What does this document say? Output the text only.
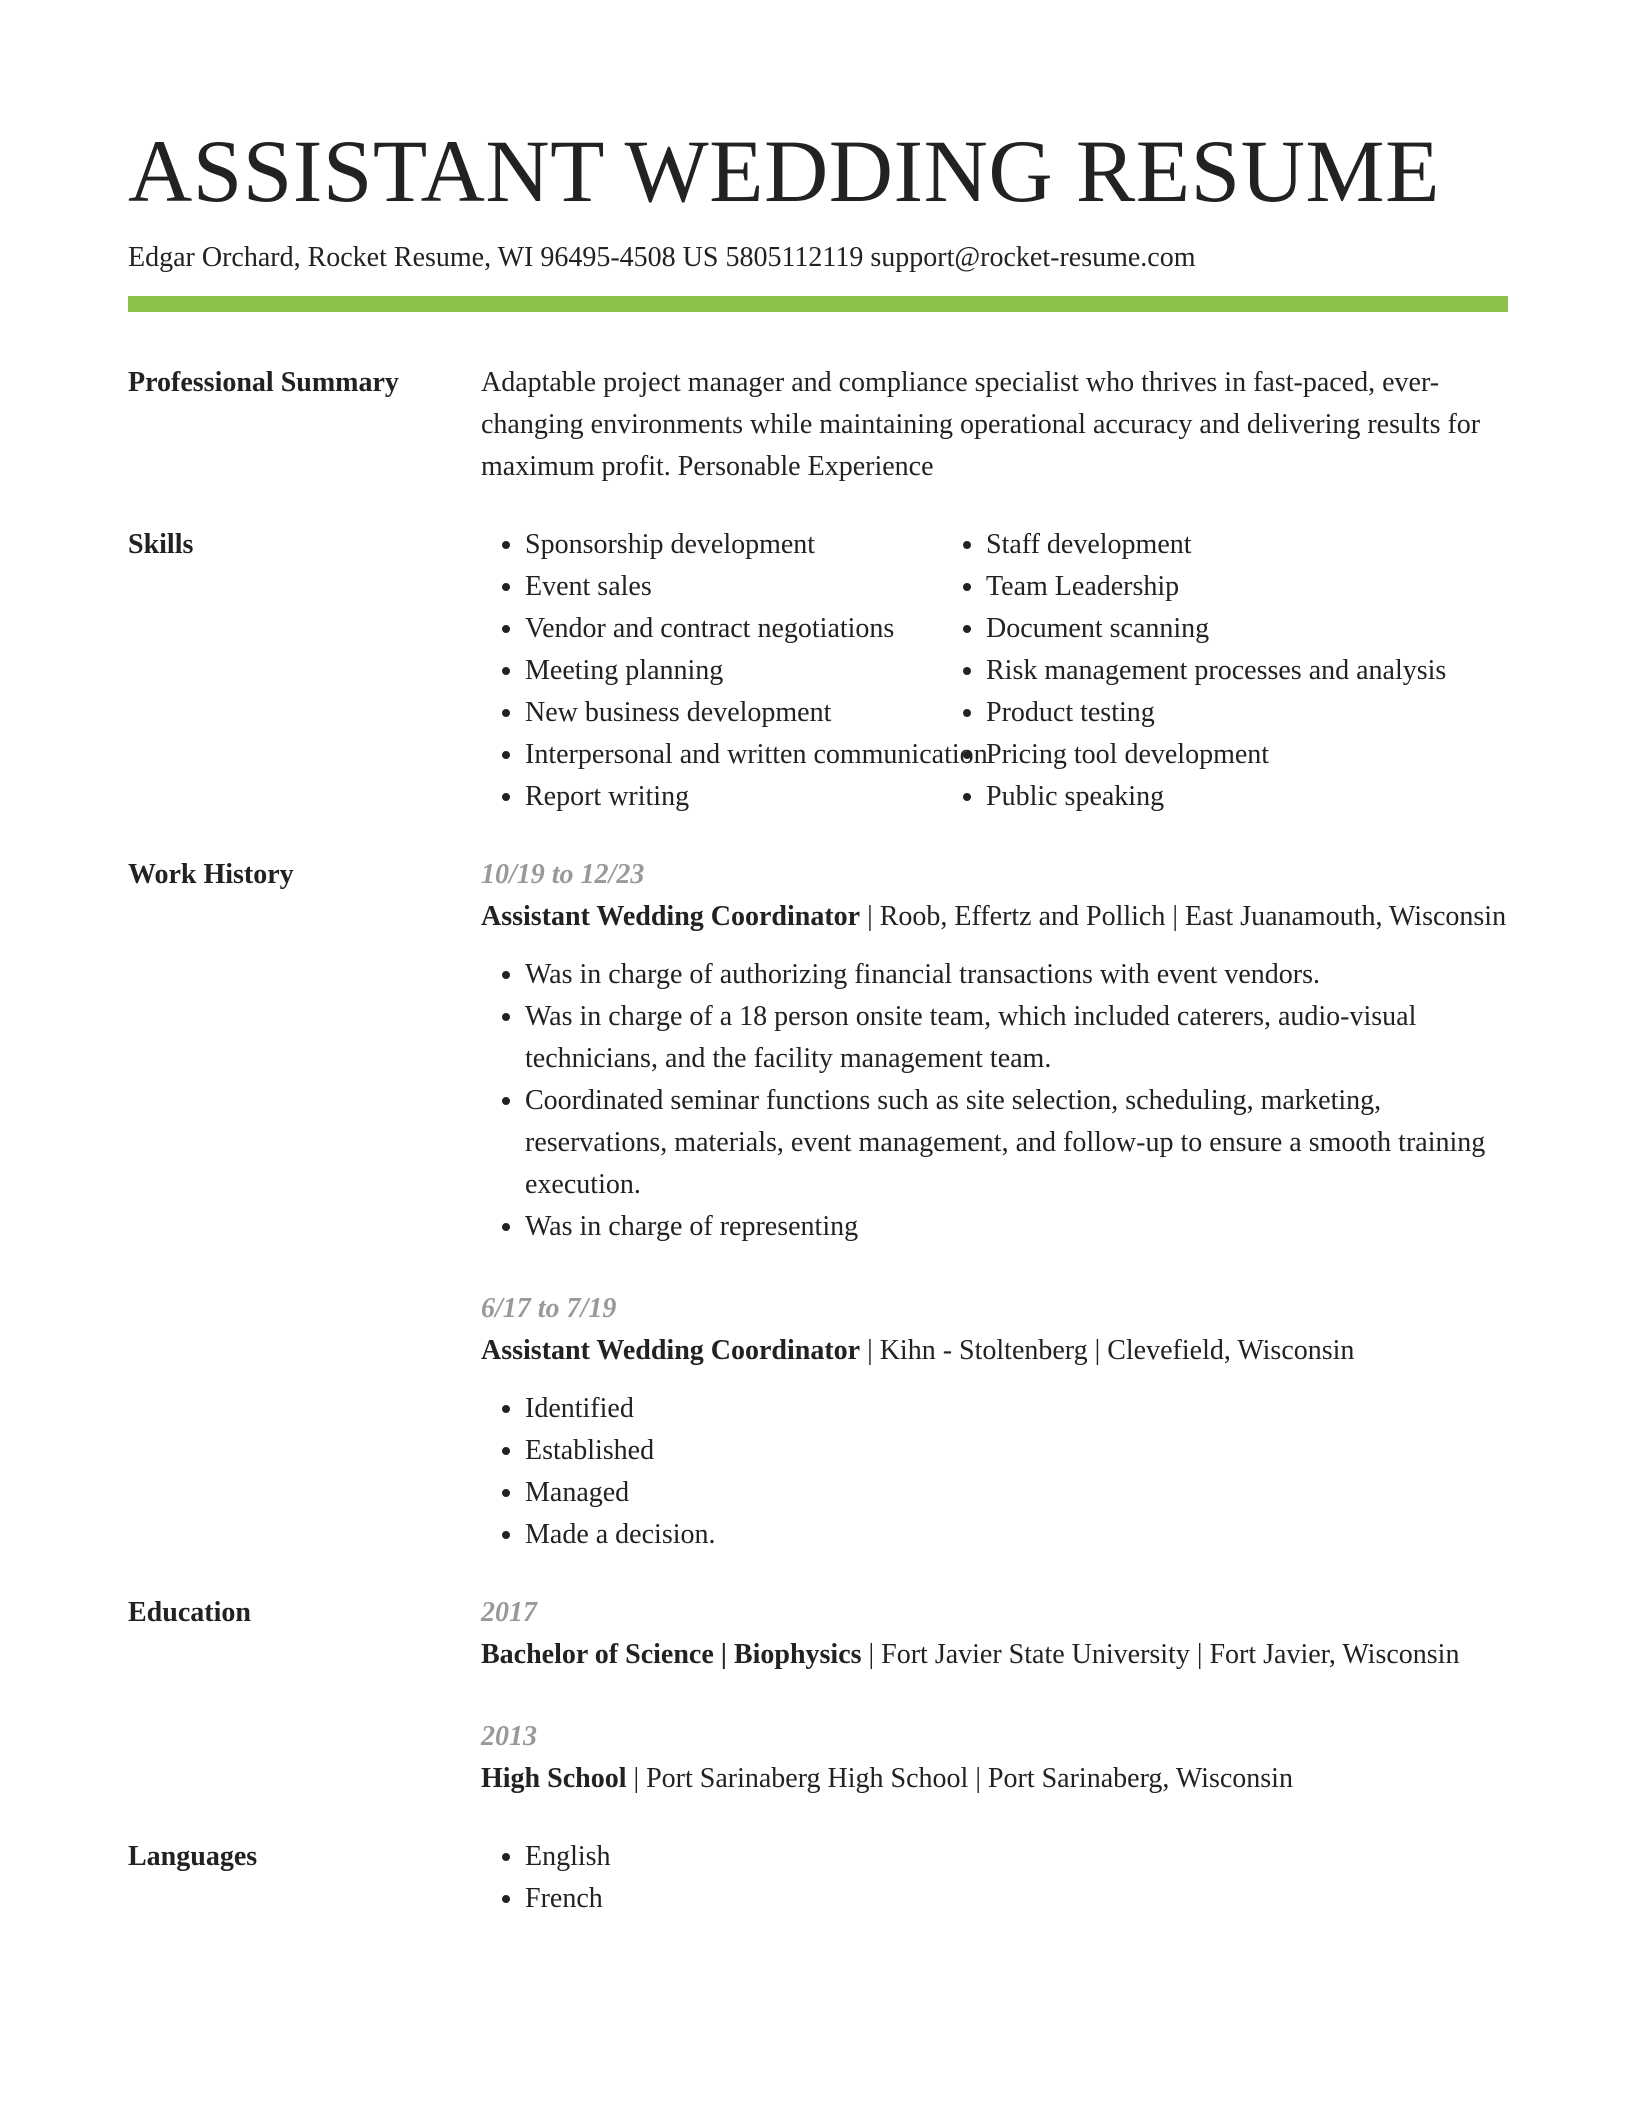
ASSISTANT WEDDING RESUME
Edgar Orchard, Rocket Resume, WI 96495-4508 US 5805112119 support@rocket-resume.com
Professional Summary	Adaptable project manager and compliance specialist who thrives in fast-paced, ever-changing environments while maintaining operational accuracy and delivering results for maximum profit. Personable Experience

Skills	• Sponsorship development
• Event sales
• Vendor and contract negotiations
• Meeting planning
• New business development
• Interpersonal and written communication
• Report writing
• Staff development
• Team Leadership
• Document scanning
• Risk management processes and analysis
• Product testing
• Pricing tool development
• Public speaking
Work History	10/19 to 12/23
Assistant Wedding Coordinator | Roob, Effertz and Pollich | East Juanamouth, Wisconsin
• Was in charge of authorizing financial transactions with event vendors.
• Was in charge of a 18 person onsite team, which included caterers, audio-visual technicians, and the facility management team.
• Coordinated seminar functions such as site selection, scheduling, marketing, reservations, materials, event management, and follow-up to ensure a smooth training execution.
• Was in charge of representing
6/17 to 7/19
Assistant Wedding Coordinator | Kihn - Stoltenberg | Clevefield, Wisconsin
• Identified
• Established
• Managed
• Made a decision.
Education	2017
Bachelor of Science | Biophysics | Fort Javier State University | Fort Javier, Wisconsin
2013
High School | Port Sarinaberg High School | Port Sarinaberg, Wisconsin
Languages	• English
• French
